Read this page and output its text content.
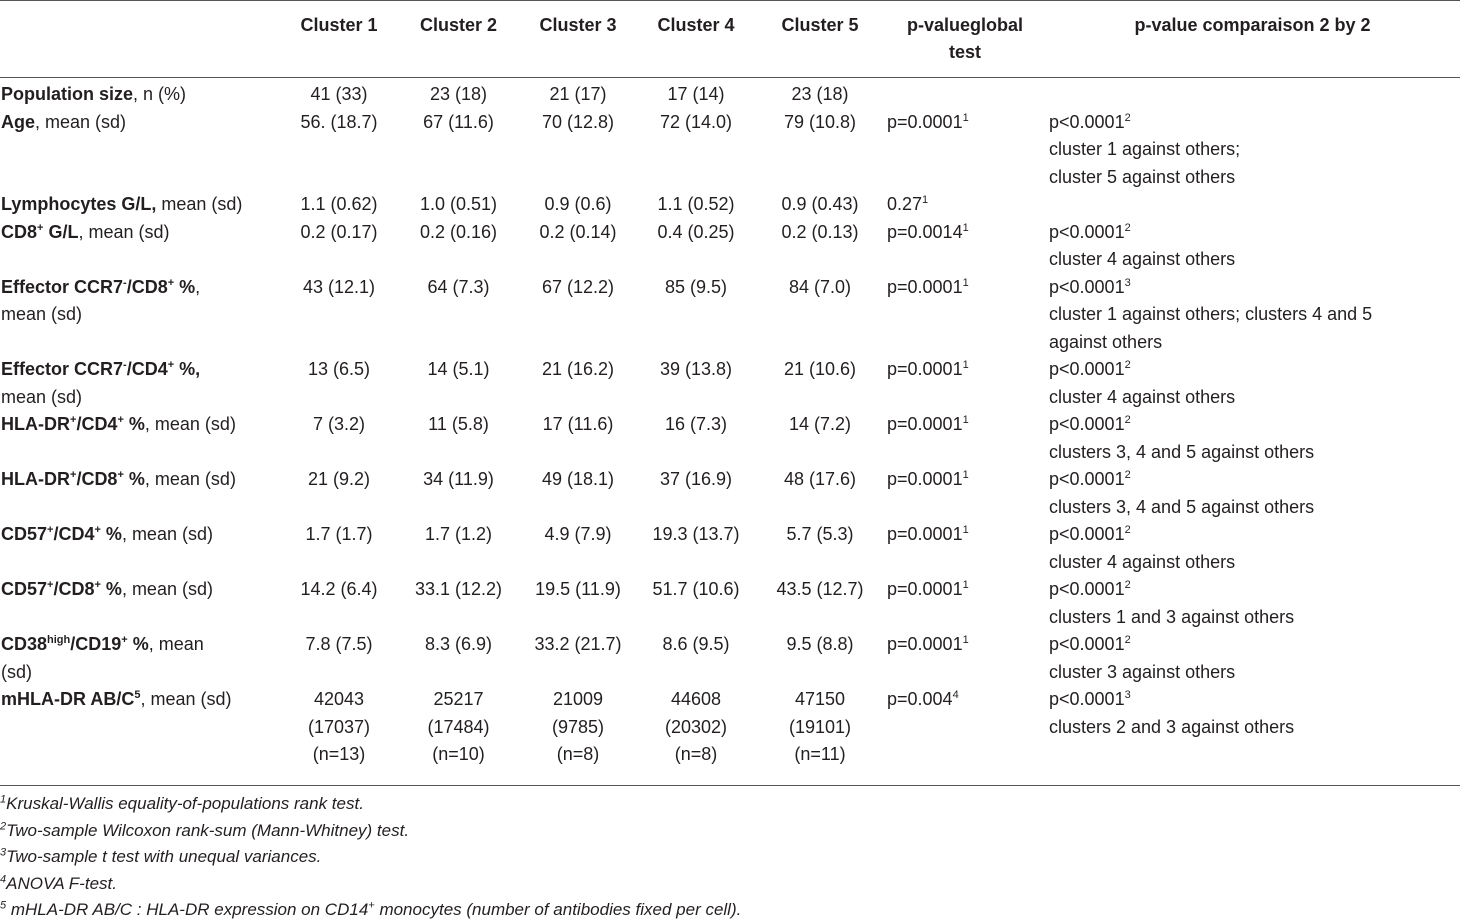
	Cluster 1	Cluster 2	Cluster 3	Cluster 4	Cluster 5	p-valueglobal test	p-value comparaison 2 by 2
Population size, n (%)	41 (33)	23 (18)	21 (17)	17 (14)	23 (18)		
Age, mean (sd)	56. (18.7)	67 (11.6)	70 (12.8)	72 (14.0)	79 (10.8)	$p=0.0001^1$	$p<0.0001^2$
cluster 1 against others;
cluster 5 against others
Lymphocytes G/L, mean (sd)	1.1 (0.62)	1.0 (0.51)	0.9 (0.6)	1.1 (0.52)	0.9 (0.43)	0.27$^1$	
CD8+ G/L, mean (sd)	0.2 (0.17)	0.2 (0.16)	0.2 (0.14)	0.4 (0.25)	0.2 (0.13)	$p=0.0014^1$	$p<0.0001^2$
cluster 4 against others
Effector CCR7-/CD8+ %,
mean (sd)	43 (12.1)	64 (7.3)	67 (12.2)	85 (9.5)	84 (7.0)	$p=0.0001^1$	$p<0.0001^3$
cluster 1 against others; clusters 4 and 5
against others
Effector CCR7-/CD4+ %,
mean (sd)	13 (6.5)	14 (5.1)	21 (16.2)	39 (13.8)	21 (10.6)	$p=0.0001^1$	$p<0.0001^2$
cluster 4 against others
HLA-DR+/CD4+ %, mean (sd)	7 (3.2)	11 (5.8)	17 (11.6)	16 (7.3)	14 (7.2)	$p=0.0001^1$	$p<0.0001^2$
clusters 3, 4 and 5 against others
HLA-DR+/CD8+ %, mean (sd)	21 (9.2)	34 (11.9)	49 (18.1)	37 (16.9)	48 (17.6)	$p=0.0001^1$	$p<0.0001^2$
clusters 3, 4 and 5 against others
CD57+/CD4+ %, mean (sd)	1.7 (1.7)	1.7 (1.2)	4.9 (7.9)	19.3 (13.7)	5.7 (5.3)	$p=0.0001^1$	$p<0.0001^2$
cluster 4 against others
CD57+/CD8+ %, mean (sd)	14.2 (6.4)	33.1 (12.2)	19.5 (11.9)	51.7 (10.6)	43.5 (12.7)	$p=0.0001^1$	$p<0.0001^2$
clusters 1 and 3 against others
$CD38^{high}/CD19^+$ %, mean
(sd)	7.8 (7.5)	8.3 (6.9)	33.2 (21.7)	8.6 (9.5)	9.5 (8.8)	$p=0.0001^1$	$p<0.0001^2$
cluster 3 against others
mHLA-DR $AB/C^5$, mean (sd)	42043
(17037)
(n=13)	25217
(17484)
(n=10)	21009
(9785)
(n=8)	44608
(20302)
(n=8)	47150
(19101)
(n=11)	$p=0.004^4$	$p<0.0001^3$
clusters 2 and 3 against others
$^1$Kruskal-Wallis equality-of-populations rank test.
$^2$Two-sample Wilcoxon rank-sum (Mann-Whitney) test.
$^3$Two-sample t test with unequal variances.
$^4$ANOVA F-test.
$^5$ mHLA-DR AB/C : HLA-DR expression on CD14+ monocytes (number of antibodies fixed per cell).
